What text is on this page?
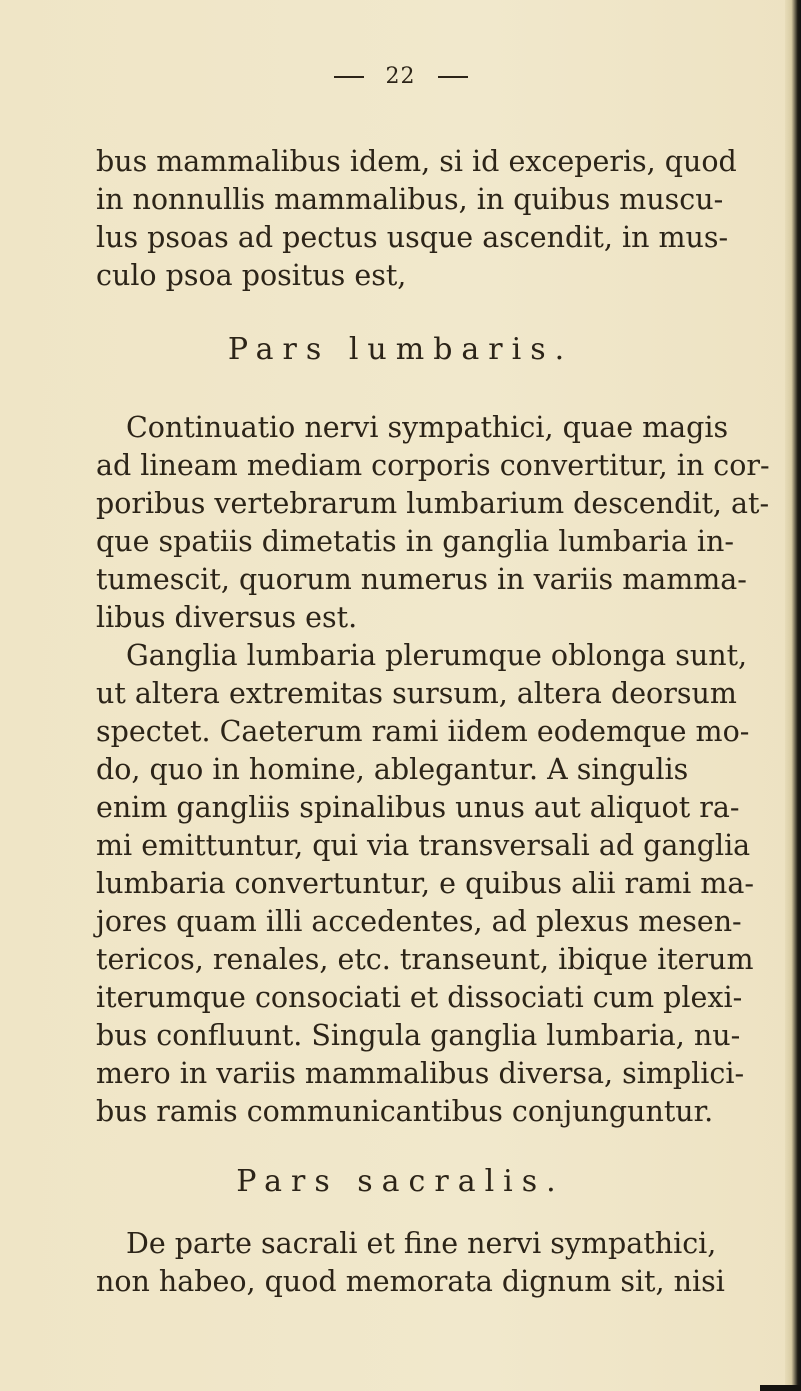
22
bus mammalibus idem, si id exceperis, quod
in nonnullis mammalibus, in quibus muscu-
lus psoas ad pectus usque ascendit, in mus-
culo psoa positus est,
Pars lumbaris.
Continuatio nervi sympathici, quae magis
ad lineam mediam corporis convertitur, in cor-
poribus vertebrarum lumbarium descendit, at-
que spatiis dimetatis in ganglia lumbaria in-
tumescit, quorum numerus in variis mamma-
libus diversus est.
Ganglia lumbaria plerumque oblonga sunt,
ut altera extremitas sursum, altera deorsum
spectet. Caeterum rami iidem eodemque mo-
do, quo in homine, ablegantur. A singulis
enim gangliis spinalibus unus aut aliquot ra-
mi emittuntur, qui via transversali ad ganglia
lumbaria convertuntur, e quibus alii rami ma-
jores quam illi accedentes, ad plexus mesen-
tericos, renales, etc. transeunt, ibique iterum
iterumque consociati et dissociati cum plexi-
bus confluunt. Singula ganglia lumbaria, nu-
mero in variis mammalibus diversa, simplici-
bus ramis communicantibus conjunguntur.
Pars sacralis.
De parte sacrali et fine nervi sympathici,
non habeo, quod memorata dignum sit, nisi
